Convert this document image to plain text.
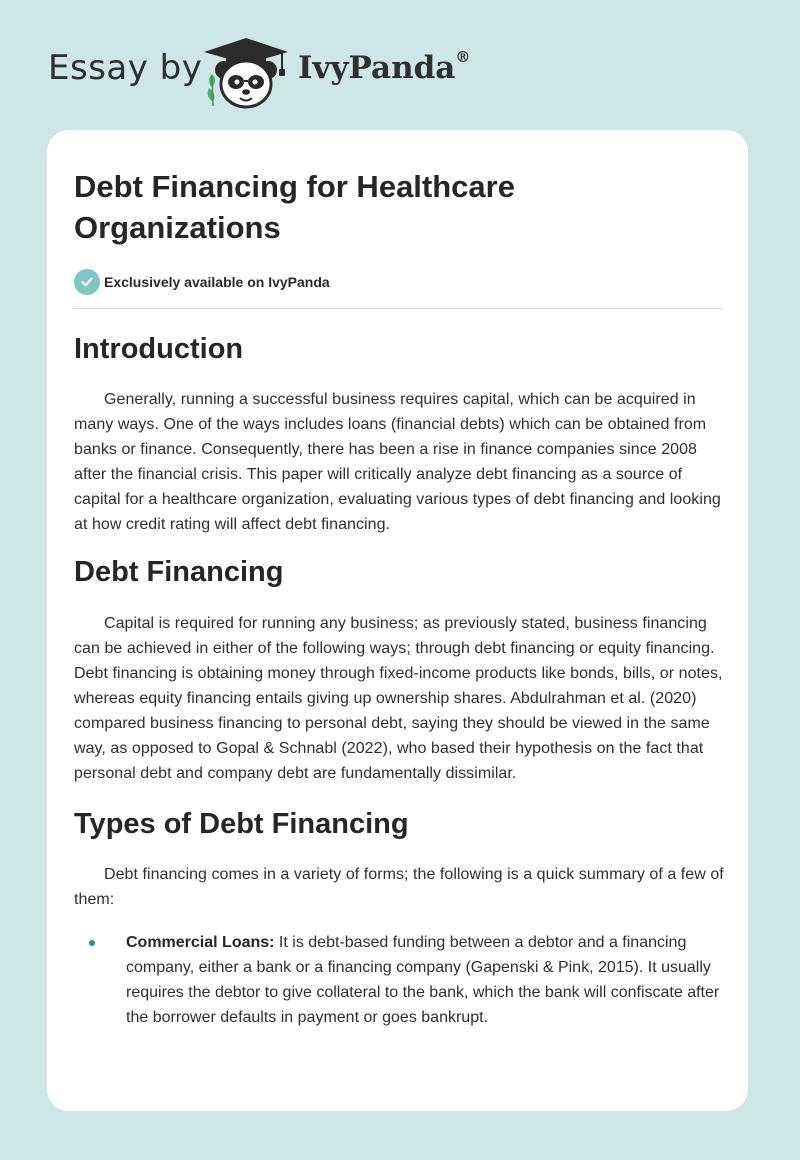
Essay by	IvyPanda®
Debt Financing for Healthcare Organizations
Exclusively available on IvyPanda
Introduction

Generally, running a successful business requires capital, which can be acquired in many ways. One of the ways includes loans (financial debts) which can be obtained from banks or finance. Consequently, there has been a rise in finance companies since 2008 after the financial crisis. This paper will critically analyze debt financing as a source of capital for a healthcare organization, evaluating various types of debt financing and looking at how credit rating will affect debt financing.

Debt Financing

Capital is required for running any business; as previously stated, business financing can be achieved in either of the following ways; through debt financing or equity financing. Debt financing is obtaining money through fixed-income products like bonds, bills, or notes, whereas equity financing entails giving up ownership shares. Abdulrahman et al. (2020) compared business financing to personal debt, saying they should be viewed in the same way, as opposed to Gopal & Schnabl (2022), who based their hypothesis on the fact that personal debt and company debt are fundamentally dissimilar.

Types of Debt Financing

Debt financing comes in a variety of forms; the following is a quick summary of a few of them:

Commercial Loans: It is debt-based funding between a debtor and a financing company, either a bank or a financing company (Gapenski & Pink, 2015). It usually requires the debtor to give collateral to the bank, which the bank will confiscate after the borrower defaults in payment or goes bankrupt.
